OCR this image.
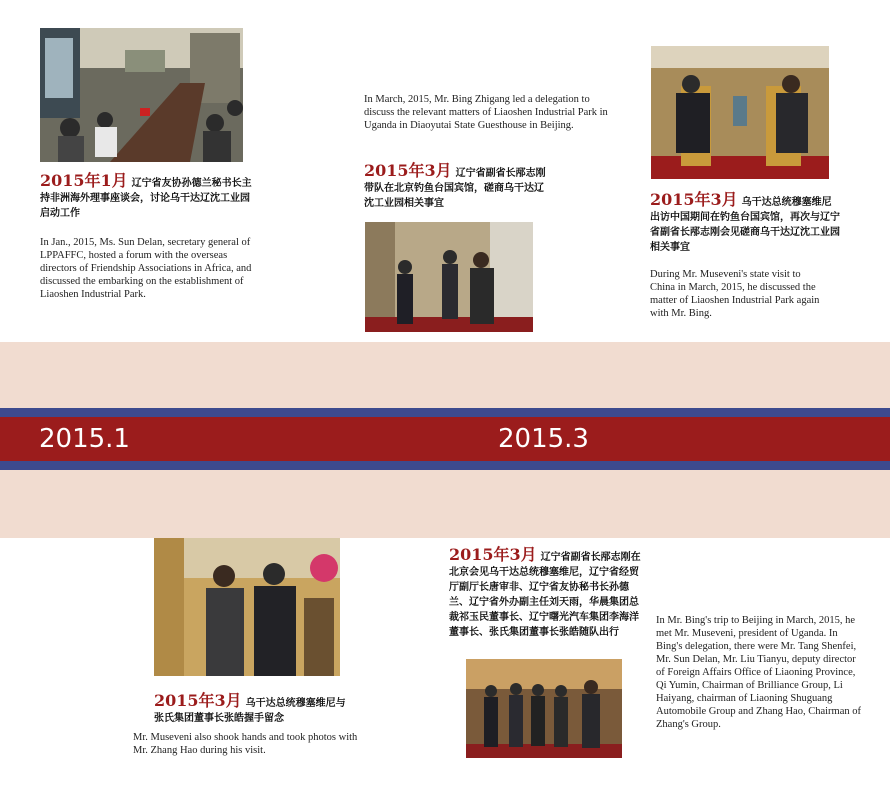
2015年1月 辽宁省友协孙德兰秘书长主持非洲海外理事座谈会，讨论乌干达辽沈工业园启动工作
In Jan., 2015, Ms. Sun Delan, secretary general of LPPAFFC, hosted a forum with the overseas directors of Friendship Associations in Africa, and discussed the embarking on the establishment of Liaoshen Industrial Park.
In March, 2015, Mr. Bing Zhigang led a delegation to discuss the relevant matters of Liaoshen Industrial Park in Uganda in Diaoyutai State Guesthouse in Beijing.
2015年3月 辽宁省副省长邴志刚带队在北京钓鱼台国宾馆，磋商乌干达辽沈工业园相关事宜	2015年3月 乌干达总统穆塞维尼出访中国期间在钓鱼台国宾馆，再次与辽宁省副省长邴志刚会见磋商乌干达辽沈工业园相关事宜
During Mr. Museveni's state visit to China in March, 2015, he discussed the matter of Liaoshen Industrial Park again with Mr. Bing.
2015.1	2015.3
2015年3月 乌干达总统穆塞维尼与张氏集团董事长张皓握手留念
Mr. Museveni also shook hands and took photos with Mr. Zhang Hao during his visit.
2015年3月 辽宁省副省长邴志刚在北京会见乌干达总统穆塞维尼，辽宁省经贸厅副厅长唐审非、辽宁省友协秘书长孙德兰、辽宁省外办副主任刘天雨，华晨集团总裁祁玉民董事长、辽宁曙光汽车集团李海洋董事长、张氏集团董事长张皓随队出行
In Mr. Bing's trip to Beijing in March, 2015, he met Mr. Museveni, president of Uganda. In Bing's delegation, there were Mr. Tang Shenfei, Mr. Sun Delan, Mr. Liu Tianyu, deputy director of Foreign Affairs Office of Liaoning Province, Qi Yumin, Chairman of Brilliance Group, Li Haiyang, chairman of Liaoning Shuguang Automobile Group and Zhang Hao, Chairman of Zhang's Group.
